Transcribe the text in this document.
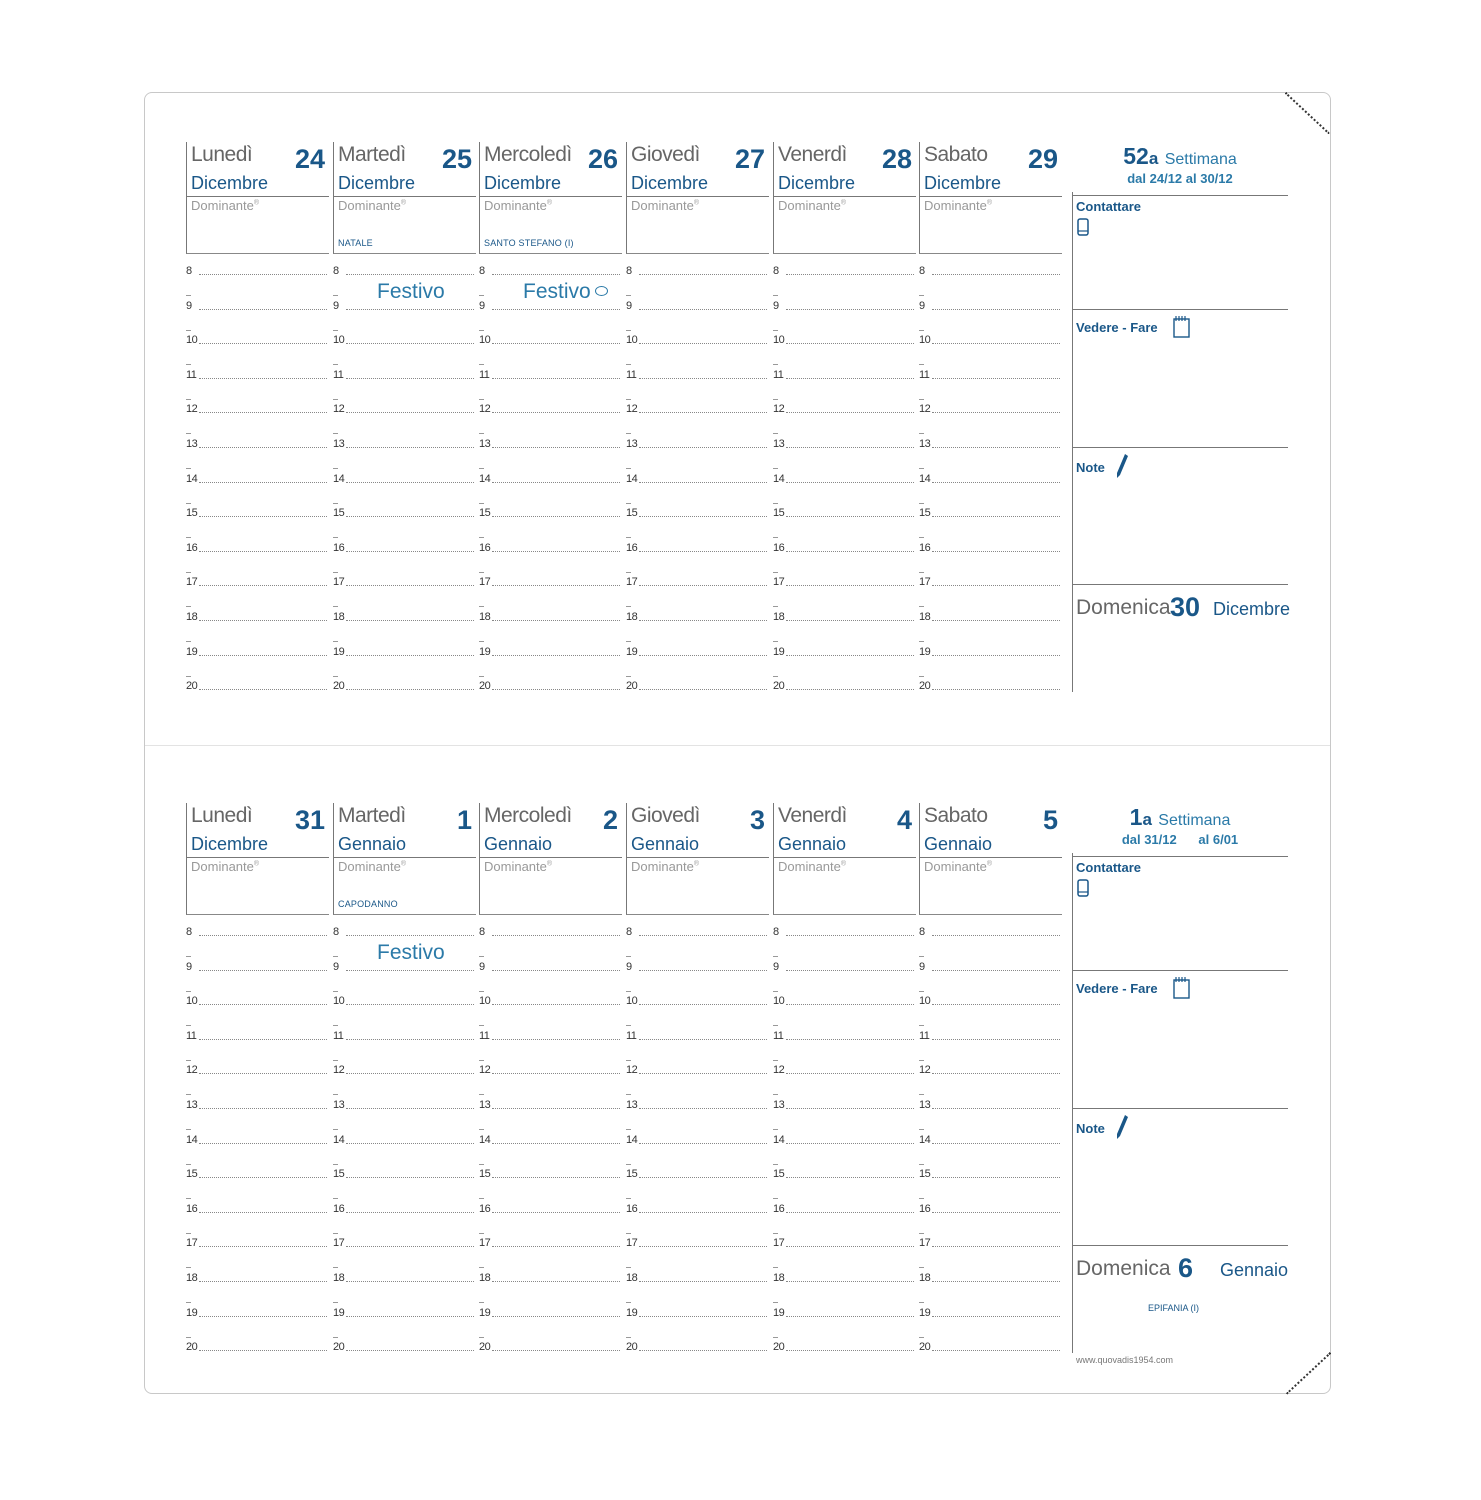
Lunedì 24
Dicembre
Dominante®
8
9
10
11
12
13
14
15
16
17
18
19
20
Martedì 25
Dicembre
Dominante®
NATALE
8
9
10
11
12
13
14
15
16
17
18
19
20
Mercoledì 26
Dicembre
Dominante®
SANTO STEFANO (I)
8
9
10
11
12
13
14
15
16
17
18
19
20
Giovedì 27
Dicembre
Dominante®
8
9
10
11
12
13
14
15
16
17
18
19
20
Venerdì 28
Dicembre
Dominante®
8
9
10
11
12
13
14
15
16
17
18
19
20
Sabato 29
Dicembre
Dominante®
8
9
10
11
12
13
14
15
16
17
18
19
20
Festivo	Festivo
52a Settimana
dal 24/12 al 30/12
Contattare
Vedere - Fare
Note
Domenica 30 Dicembre
Lunedì 31
Dicembre
Dominante®
8
9
10
11
12
13
14
15
16
17
18
19
20
Martedì 1
Gennaio
Dominante®
CAPODANNO
8
9
10
11
12
13
14
15
16
17
18
19
20
Mercoledì 2
Gennaio
Dominante®
8
9
10
11
12
13
14
15
16
17
18
19
20
Giovedì 3
Gennaio
Dominante®
8
9
10
11
12
13
14
15
16
17
18
19
20
Venerdì 4
Gennaio
Dominante®
8
9
10
11
12
13
14
15
16
17
18
19
20
Sabato 5
Gennaio
Dominante®
8
9
10
11
12
13
14
15
16
17
18
19
20
Festivo
1a Settimana
dal 31/12      al 6/01
Contattare
Vedere - Fare
Note
Domenica 6 Gennaio
EPIFANIA (I)
www.quovadis1954.com
